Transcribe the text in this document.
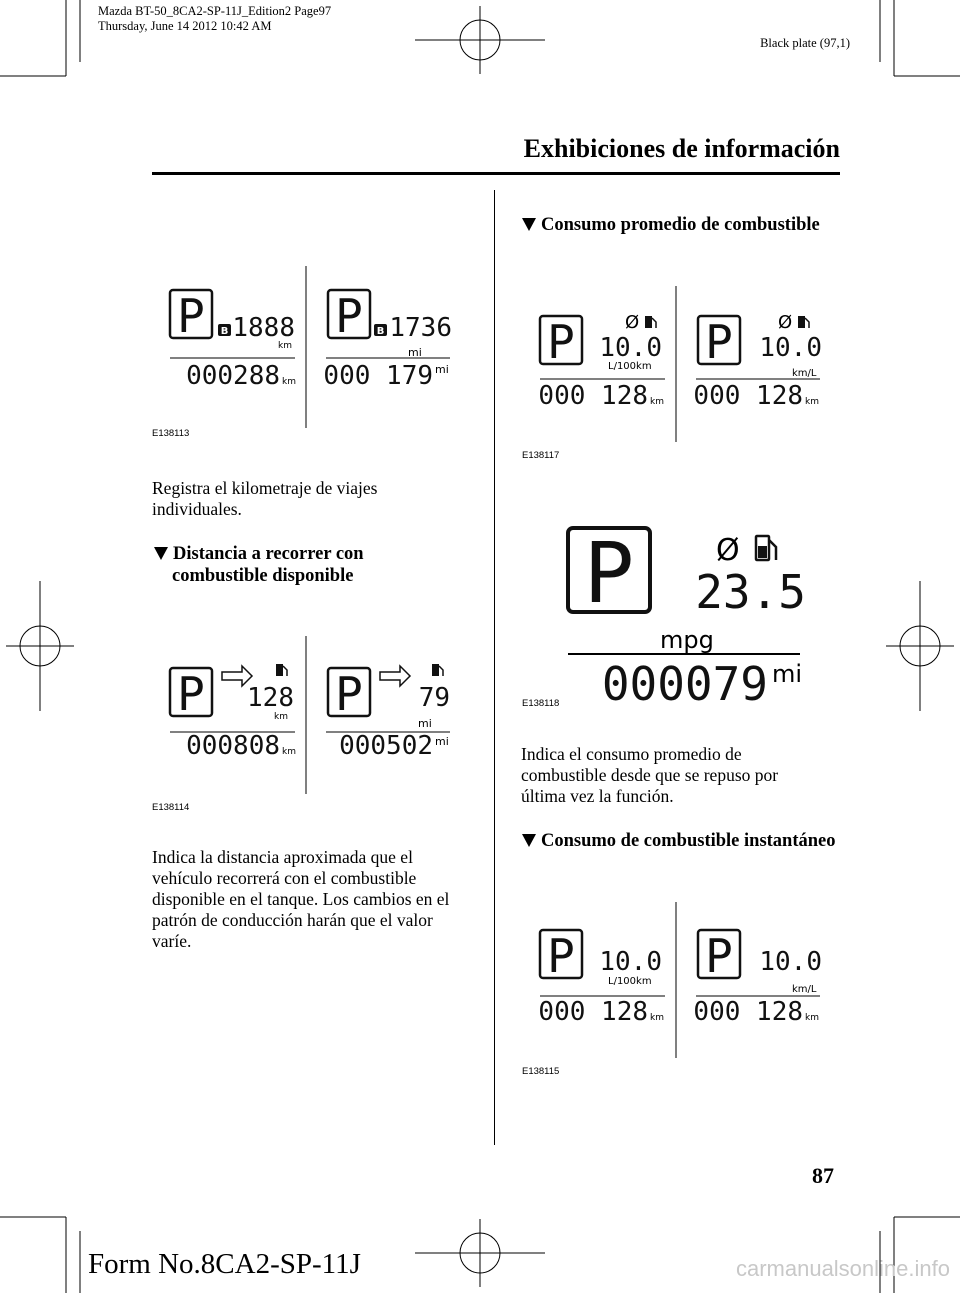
Mazda BT-50_8CA2-SP-11J_Edition2 Page97
Thursday, June 14 2012 10:42 AM
Black plate (97,1)
Exhibiciones de información
P B 1888
km
000288 km
P B 1736
mi
000 179 mi
E138113
Registra el kilometraje de viajes
individuales.
Distancia a recorrer con
combustible disponible
P 128
km
000808 km
P 79
mi
000502 mi
E138114
Indica la distancia aproximada que el
vehículo recorrerá con el combustible
disponible en el tanque. Los cambios en el
patrón de conducción harán que el valor
varíe.
Consumo promedio de combustible
P	Ø
10.0
L/100km
000 128 km
P	Ø
10.0
km/L
000 128 km
E138117
P	Ø
23.5
mpg
000079 mi
E138118
Indica el consumo promedio de
combustible desde que se repuso por
última vez la función.
Consumo de combustible instantáneo
P 10.0
L/100km
000 128 km
P 10.0
km/L
000 128 km
E138115
87
Form No.8CA2-SP-11J	carmanualsonline.info
